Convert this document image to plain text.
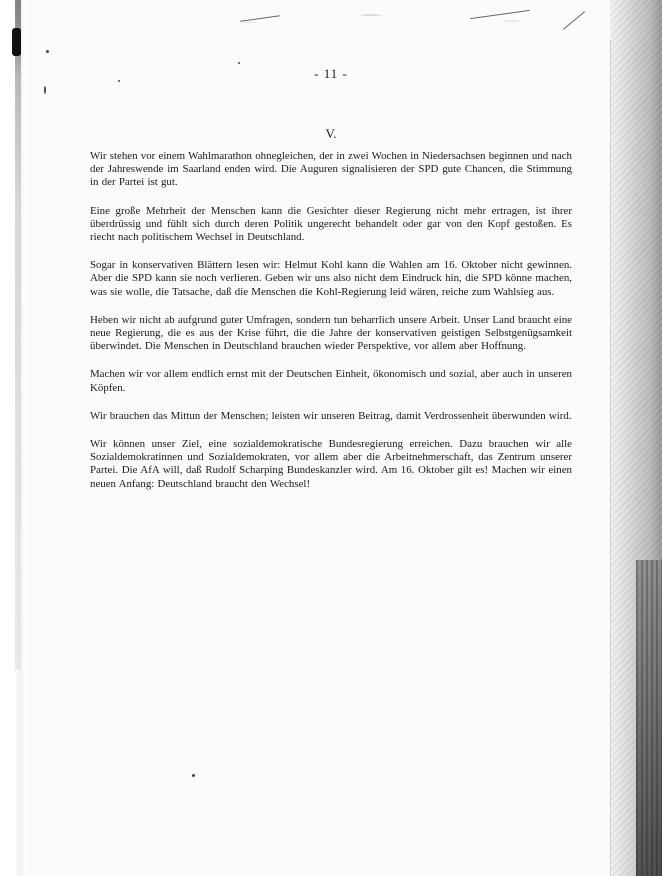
- 11 -
V.

Wir stehen vor einem Wahlmarathon ohnegleichen, der in zwei Wochen in Niedersachsen beginnen und nach der Jahreswende im Saarland enden wird. Die Auguren signalisieren der SPD gute Chancen, die Stimmung in der Partei ist gut.

Eine große Mehrheit der Menschen kann die Gesichter dieser Regierung nicht mehr ertragen, ist ihrer überdrüssig und fühlt sich durch deren Politik ungerecht behandelt oder gar von den Kopf gestoßen. Es riecht nach politischem Wechsel in Deutschland.

Sogar in konservativen Blättern lesen wir: Helmut Kohl kann die Wahlen am 16. Oktober nicht gewinnen. Aber die SPD kann sie noch verlieren. Geben wir uns also nicht dem Eindruck hin, die SPD könne machen, was sie wolle, die Tatsache, daß die Menschen die Kohl-Regierung leid wären, reiche zum Wahlsieg aus.

Heben wir nicht ab aufgrund guter Umfragen, sondern tun beharrlich unsere Arbeit. Unser Land braucht eine neue Regierung, die es aus der Krise führt, die die Jahre der konservativen geistigen Selbstgenügsamkeit überwindet. Die Menschen in Deutschland brauchen wieder Perspektive, vor allem aber Hoffnung.

Machen wir vor allem endlich ernst mit der Deutschen Einheit, ökonomisch und sozial, aber auch in unseren Köpfen.

Wir brauchen das Mittun der Menschen; leisten wir unseren Beitrag, damit Verdrossenheit überwunden wird.

Wir können unser Ziel, eine sozialdemokratische Bundesregierung erreichen. Dazu brauchen wir alle Sozialdemokratinnen und Sozialdemokraten, vor allem aber die Arbeitnehmerschaft, das Zentrum unserer Partei. Die AfA will, daß Rudolf Scharping Bundeskanzler wird. Am 16. Oktober gilt es! Machen wir einen neuen Anfang: Deutschland braucht den Wechsel!
